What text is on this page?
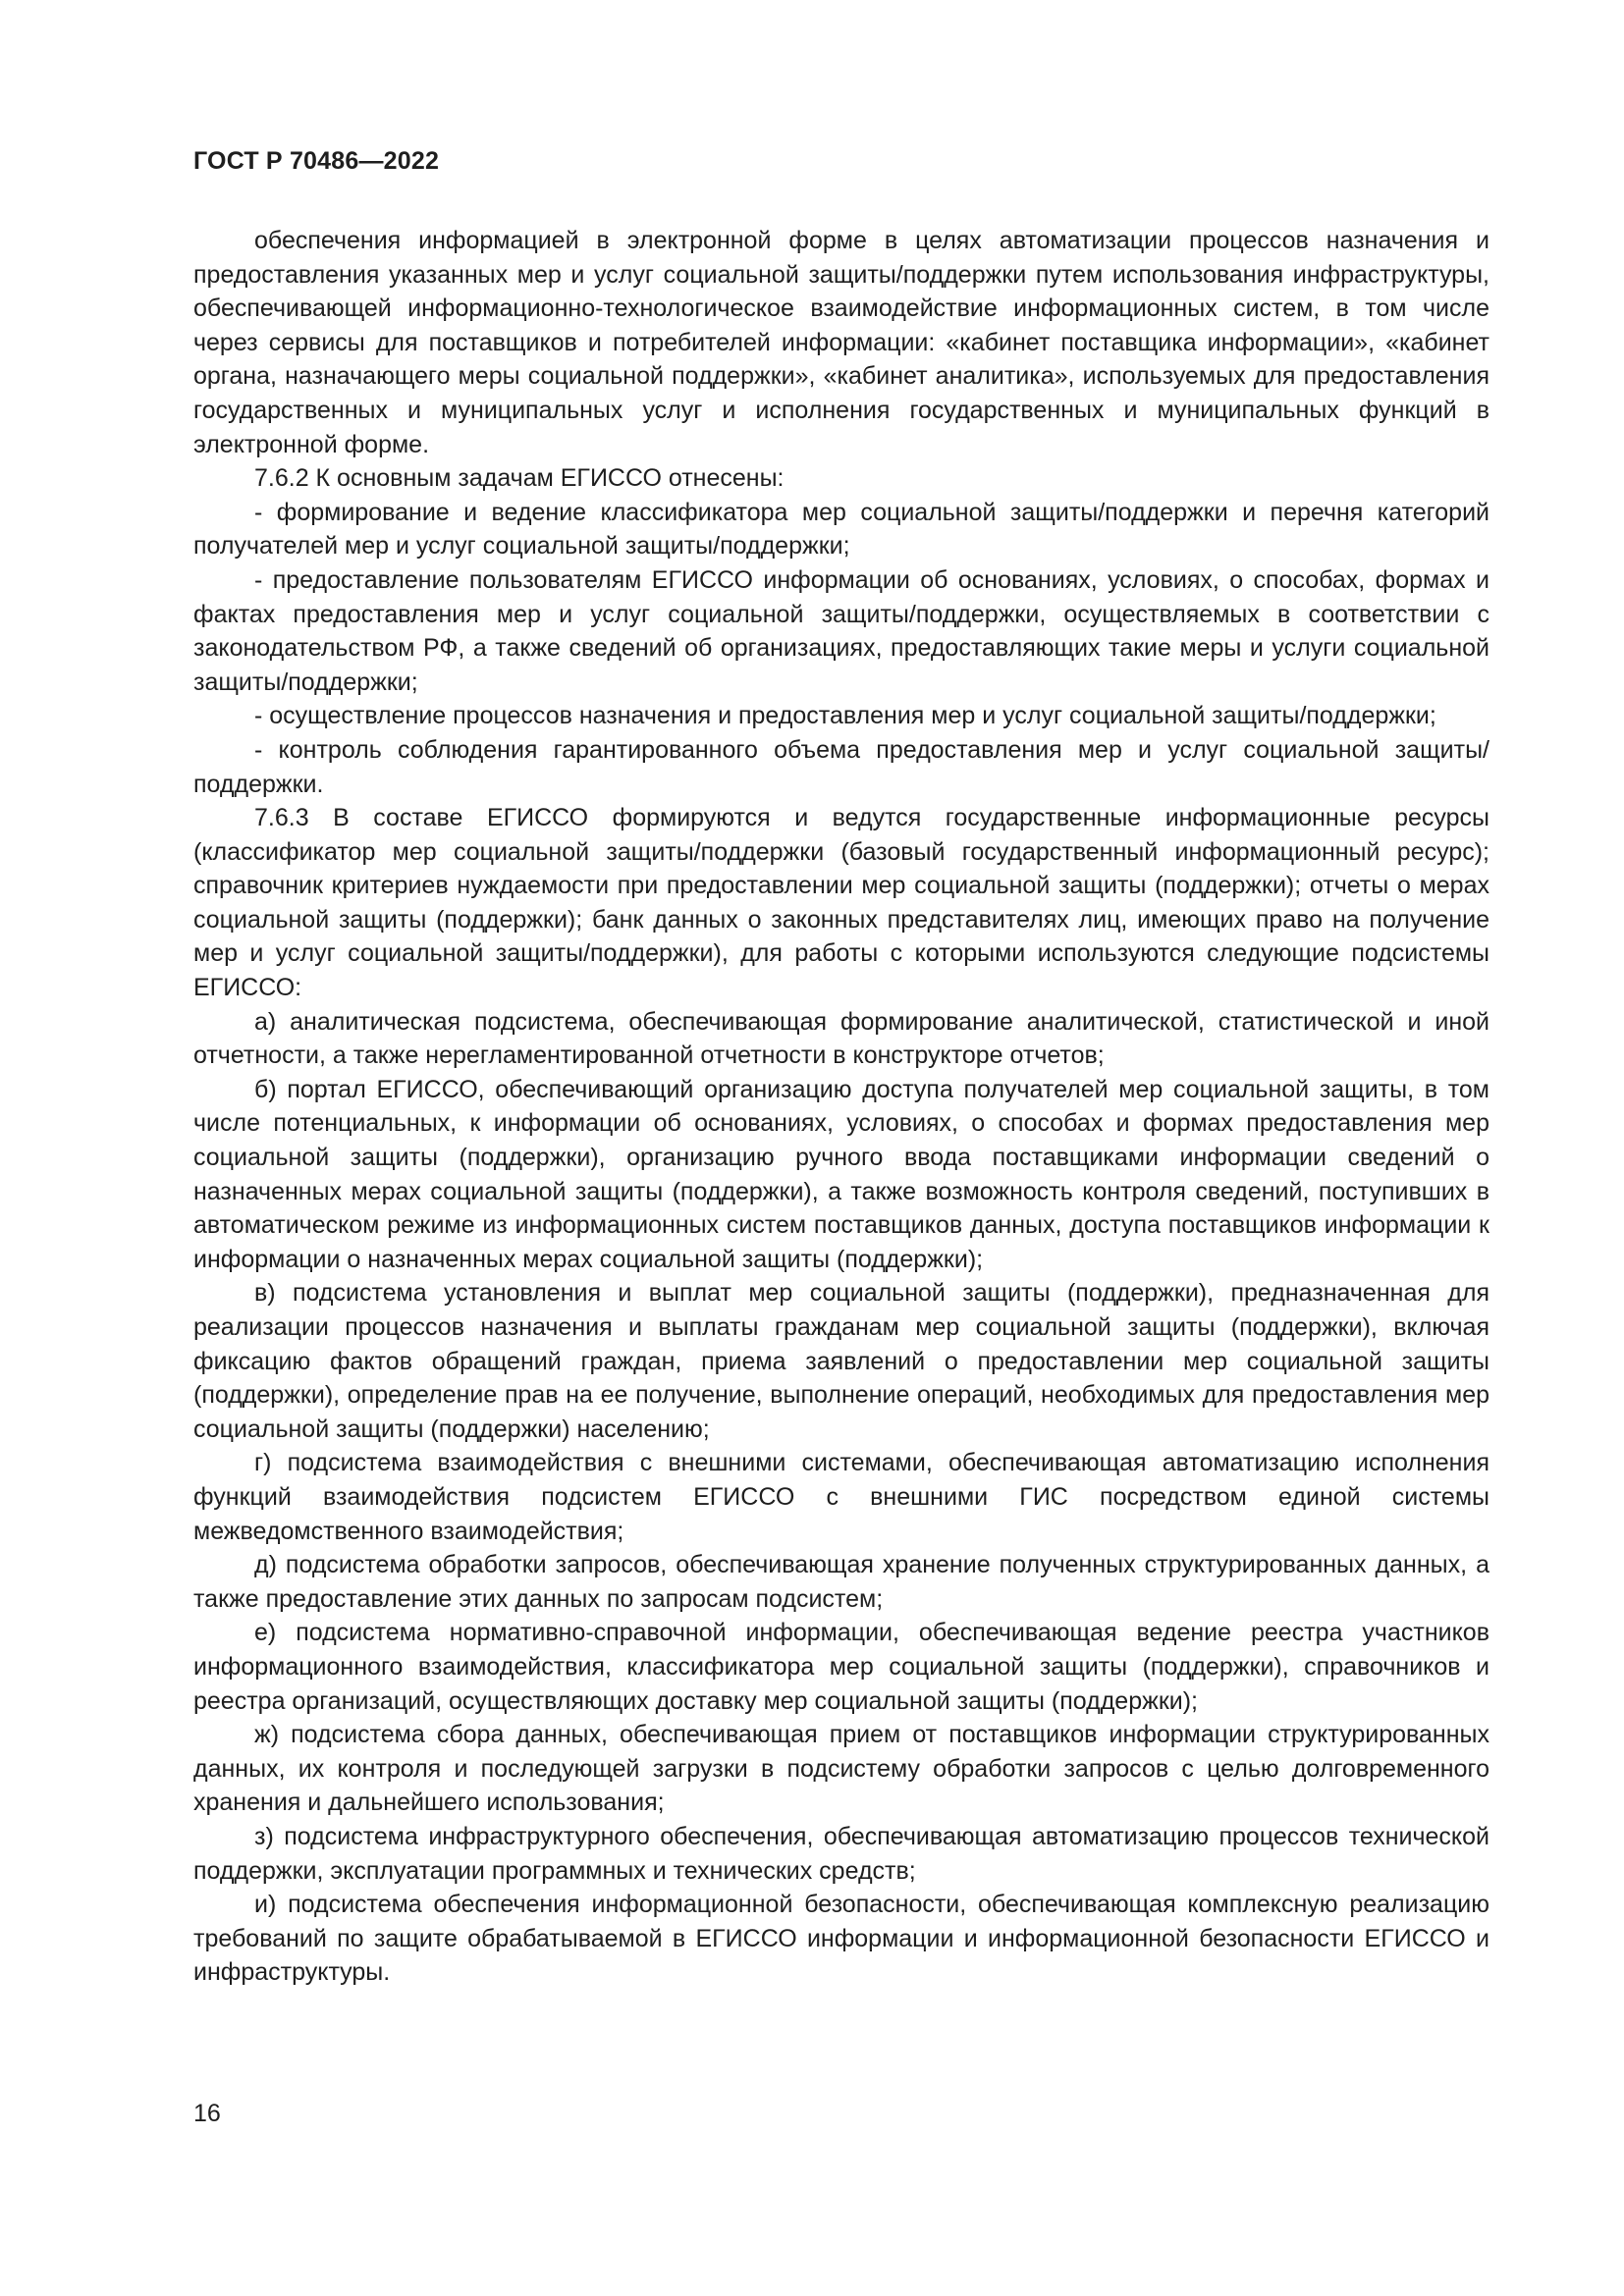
ГОСТ Р 70486—2022

обеспечения информацией в электронной форме в целях автоматизации процессов назначения и предоставления указанных мер и услуг социальной защиты/поддержки путем использования инфраструктуры, обеспечивающей информационно-технологическое взаимодействие информационных систем, в том числе через сервисы для поставщиков и потребителей информации: «кабинет поставщика информации», «кабинет органа, назначающего меры социальной поддержки», «кабинет аналитика», используемых для предоставления государственных и муниципальных услуг и исполнения государственных и муниципальных функций в электронной форме.

7.6.2 К основным задачам ЕГИССО отнесены:

- формирование и ведение классификатора мер социальной защиты/поддержки и перечня категорий получателей мер и услуг социальной защиты/поддержки;

- предоставление пользователям ЕГИССО информации об основаниях, условиях, о способах, формах и фактах предоставления мер и услуг социальной защиты/поддержки, осуществляемых в соответствии с законодательством РФ, а также сведений об организациях, предоставляющих такие меры и услуги социальной защиты/поддержки;

- осуществление процессов назначения и предоставления мер и услуг социальной защиты/поддержки;

- контроль соблюдения гарантированного объема предоставления мер и услуг социальной защиты/поддержки.

7.6.3 В составе ЕГИССО формируются и ведутся государственные информационные ресурсы (классификатор мер социальной защиты/поддержки (базовый государственный информационный ресурс); справочник критериев нуждаемости при предоставлении мер социальной защиты (поддержки); отчеты о мерах социальной защиты (поддержки); банк данных о законных представителях лиц, имеющих право на получение мер и услуг социальной защиты/поддержки), для работы с которыми используются следующие подсистемы ЕГИССО:

а) аналитическая подсистема, обеспечивающая формирование аналитической, статистической и иной отчетности, а также нерегламентированной отчетности в конструкторе отчетов;

б) портал ЕГИССО, обеспечивающий организацию доступа получателей мер социальной защиты, в том числе потенциальных, к информации об основаниях, условиях, о способах и формах предоставления мер социальной защиты (поддержки), организацию ручного ввода поставщиками информации сведений о назначенных мерах социальной защиты (поддержки), а также возможность контроля сведений, поступивших в автоматическом режиме из информационных систем поставщиков данных, доступа поставщиков информации к информации о назначенных мерах социальной защиты (поддержки);

в) подсистема установления и выплат мер социальной защиты (поддержки), предназначенная для реализации процессов назначения и выплаты гражданам мер социальной защиты (поддержки), включая фиксацию фактов обращений граждан, приема заявлений о предоставлении мер социальной защиты (поддержки), определение прав на ее получение, выполнение операций, необходимых для предоставления мер социальной защиты (поддержки) населению;

г) подсистема взаимодействия с внешними системами, обеспечивающая автоматизацию исполнения функций взаимодействия подсистем ЕГИССО с внешними ГИС посредством единой системы межведомственного взаимодействия;

д) подсистема обработки запросов, обеспечивающая хранение полученных структурированных данных, а также предоставление этих данных по запросам подсистем;

е) подсистема нормативно-справочной информации, обеспечивающая ведение реестра участников информационного взаимодействия, классификатора мер социальной защиты (поддержки), справочников и реестра организаций, осуществляющих доставку мер социальной защиты (поддержки);

ж) подсистема сбора данных, обеспечивающая прием от поставщиков информации структурированных данных, их контроля и последующей загрузки в подсистему обработки запросов с целью долговременного хранения и дальнейшего использования;

з) подсистема инфраструктурного обеспечения, обеспечивающая автоматизацию процессов технической поддержки, эксплуатации программных и технических средств;

и) подсистема обеспечения информационной безопасности, обеспечивающая комплексную реализацию требований по защите обрабатываемой в ЕГИССО информации и информационной безопасности ЕГИССО и инфраструктуры.

16
